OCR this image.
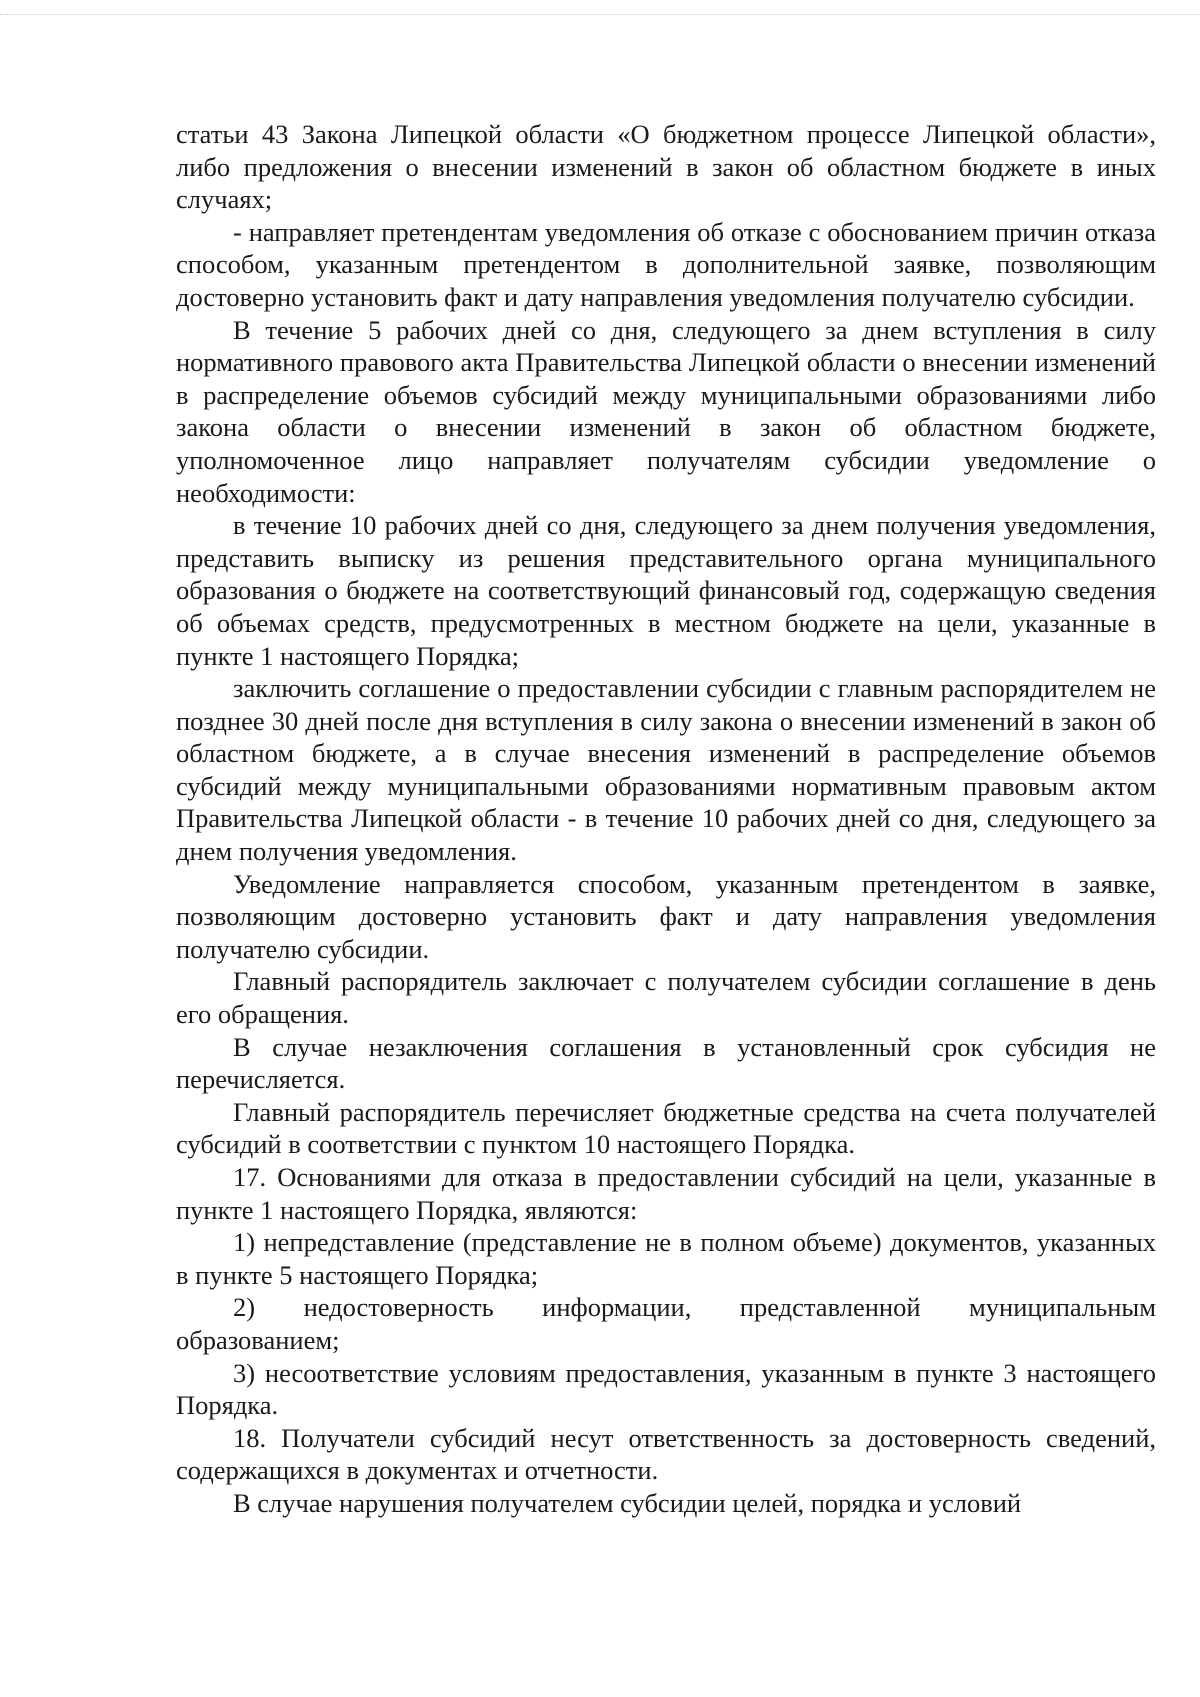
статьи 43 Закона Липецкой области «О бюджетном процессе Липецкой области», либо предложения о внесении изменений в закон об областном бюджете в иных случаях;

- направляет претендентам уведомления об отказе с обоснованием причин отказа способом, указанным претендентом в дополнительной заявке, позволяющим достоверно установить факт и дату направления уведомления получателю субсидии.

В течение 5 рабочих дней со дня, следующего за днем вступления в силу нормативного правового акта Правительства Липецкой области о внесении изменений в распределение объемов субсидий между муниципальными образованиями либо закона области о внесении изменений в закон об областном бюджете, уполномоченное лицо направляет получателям субсидии уведомление о необходимости:

в течение 10 рабочих дней со дня, следующего за днем получения уведомления, представить выписку из решения представительного органа муниципального образования о бюджете на соответствующий финансовый год, содержащую сведения об объемах средств, предусмотренных в местном бюджете на цели, указанные в пункте 1 настоящего Порядка;

заключить соглашение о предоставлении субсидии с главным распорядителем не позднее 30 дней после дня вступления в силу закона о внесении изменений в закон об областном бюджете, а в случае внесения изменений в распределение объемов субсидий между муниципальными образованиями нормативным правовым актом Правительства Липецкой области - в течение 10 рабочих дней со дня, следующего за днем получения уведомления.

Уведомление направляется способом, указанным претендентом в заявке, позволяющим достоверно установить факт и дату направления уведомления получателю субсидии.

Главный распорядитель заключает с получателем субсидии соглашение в день его обращения.

В случае незаключения соглашения в установленный срок субсидия не перечисляется.

Главный распорядитель перечисляет бюджетные средства на счета получателей субсидий в соответствии с пунктом 10 настоящего Порядка.

17. Основаниями для отказа в предоставлении субсидий на цели, указанные в пункте 1 настоящего Порядка, являются:

1) непредставление (представление не в полном объеме) документов, указанных в пункте 5 настоящего Порядка;

2) недостоверность информации, представленной муниципальным образованием;

3) несоответствие условиям предоставления, указанным в пункте 3 настоящего Порядка.

18. Получатели субсидий несут ответственность за достоверность сведений, содержащихся в документах и отчетности.

В случае нарушения получателем субсидии целей, порядка и условий
